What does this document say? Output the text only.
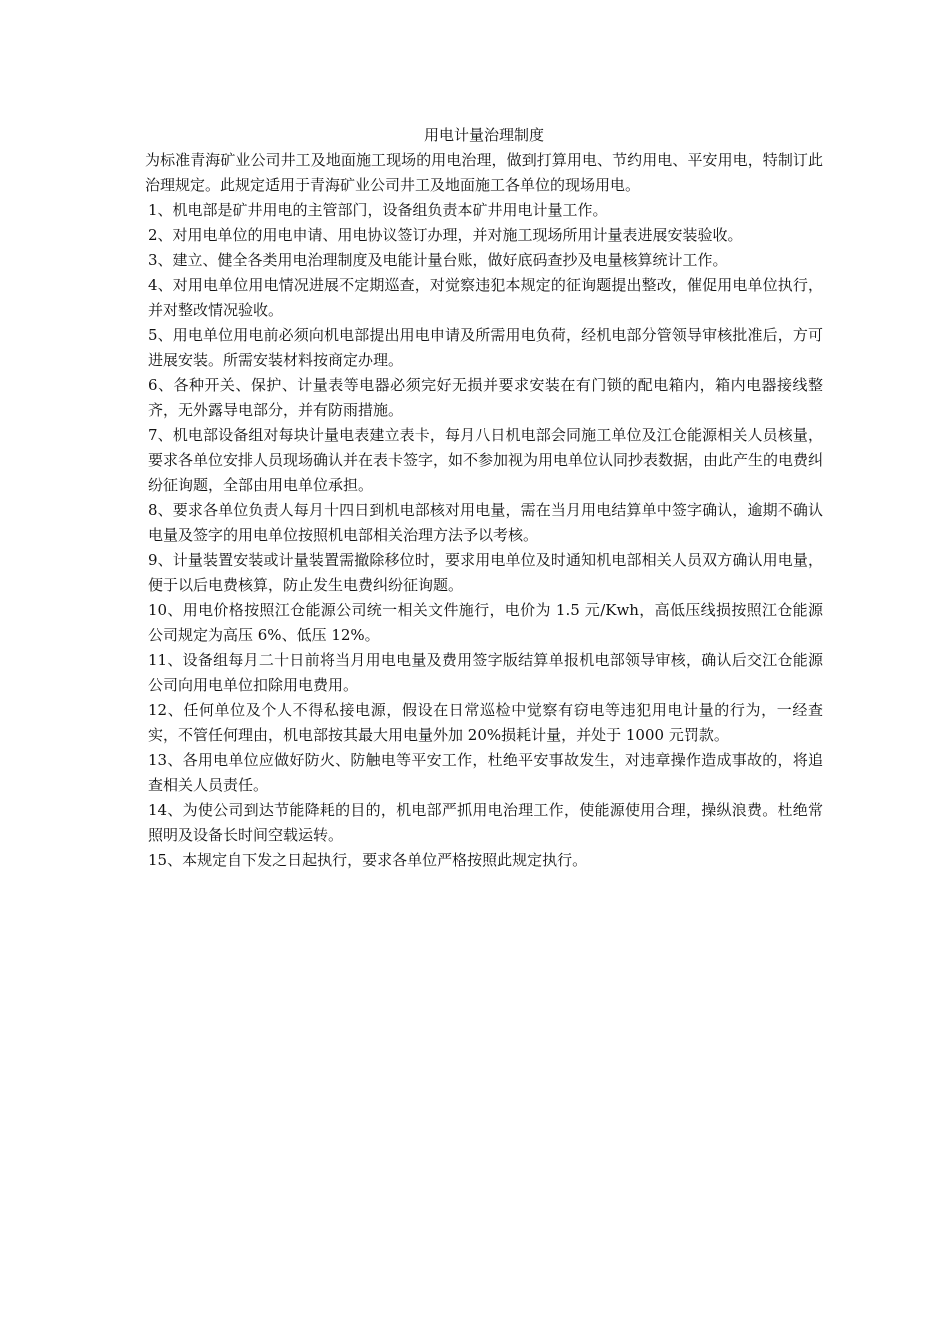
用电计量治理制度

为标准青海矿业公司井工及地面施工现场的用电治理，做到打算用电、节约用电、平安用电，特制订此治理规定。此规定适用于青海矿业公司井工及地面施工各单位的现场用电。

1、机电部是矿井用电的主管部门，设备组负责本矿井用电计量工作。

2、对用电单位的用电申请、用电协议签订办理，并对施工现场所用计量表进展安装验收。

3、建立、健全各类用电治理制度及电能计量台账，做好底码查抄及电量核算统计工作。

4、对用电单位用电情况进展不定期巡查，对觉察违犯本规定的征询题提出整改，催促用电单位执行，并对整改情况验收。

5、用电单位用电前必须向机电部提出用电申请及所需用电负荷，经机电部分管领导审核批准后，方可进展安装。所需安装材料按商定办理。

6、各种开关、保护、计量表等电器必须完好无损并要求安装在有门锁的配电箱内，箱内电器接线整齐，无外露导电部分，并有防雨措施。

7、机电部设备组对每块计量电表建立表卡，每月八日机电部会同施工单位及江仓能源相关人员核量，要求各单位安排人员现场确认并在表卡签字，如不参加视为用电单位认同抄表数据，由此产生的电费纠纷征询题，全部由用电单位承担。

8、要求各单位负责人每月十四日到机电部核对用电量，需在当月用电结算单中签字确认，逾期不确认电量及签字的用电单位按照机电部相关治理方法予以考核。

9、计量装置安装或计量装置需撤除移位时，要求用电单位及时通知机电部相关人员双方确认用电量，便于以后电费核算，防止发生电费纠纷征询题。

10、用电价格按照江仓能源公司统一相关文件施行，电价为 1.5 元/Kwh，高低压线损按照江仓能源公司规定为高压 6%、低压 12%。

11、设备组每月二十日前将当月用电电量及费用签字版结算单报机电部领导审核，确认后交江仓能源公司向用电单位扣除用电费用。

12、任何单位及个人不得私接电源，假设在日常巡检中觉察有窃电等违犯用电计量的行为，一经查实，不管任何理由，机电部按其最大用电量外加 20%损耗计量，并处于 1000 元罚款。

13、各用电单位应做好防火、防触电等平安工作，杜绝平安事故发生，对违章操作造成事故的，将追查相关人员责任。

14、为使公司到达节能降耗的目的，机电部严抓用电治理工作，使能源使用合理，操纵浪费。杜绝常照明及设备长时间空载运转。

15、本规定自下发之日起执行，要求各单位严格按照此规定执行。
